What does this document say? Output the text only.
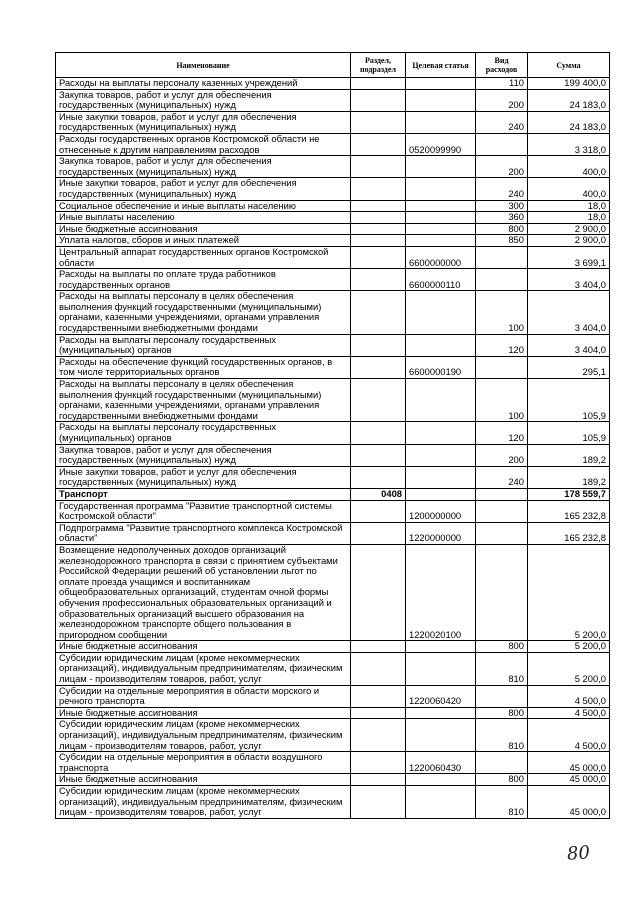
Наименование	Раздел, подраздел	Целевая статья	Вид расходов	Сумма
Расходы на выплаты персоналу казенных учреждений			110	199 400,0
Закупка товаров, работ и услуг для обеспечения государственных (муниципальных) нужд			200	24 183,0
Иные закупки товаров, работ и услуг для обеспечения государственных (муниципальных) нужд			240	24 183,0
Расходы государственных органов Костромской области не отнесенные к другим направлениям расходов		0520099990		3 318,0
Закупка товаров, работ и услуг для обеспечения государственных (муниципальных) нужд			200	400,0
Иные закупки товаров, работ и услуг для обеспечения государственных (муниципальных) нужд			240	400,0
Социальное обеспечение и иные выплаты населению			300	18,0
Иные выплаты населению			360	18,0
Иные бюджетные ассигнования			800	2 900,0
Уплата налогов, сборов и иных платежей			850	2 900,0
Центральный аппарат государственных органов Костромской области		6600000000		3 699,1
Расходы на выплаты по оплате труда работников государственных органов		6600000110		3 404,0
Расходы на выплаты персоналу в целях обеспечения выполнения функций государственными (муниципальными) органами, казенными учреждениями, органами управления государственными внебюджетными фондами			100	3 404,0
Расходы на выплаты персоналу государственных (муниципальных) органов			120	3 404,0
Расходы на обеспечение функций государственных органов, в том числе территориальных органов		6600000190		295,1
Расходы на выплаты персоналу в целях обеспечения выполнения функций государственными (муниципальными) органами, казенными учреждениями, органами управления государственными внебюджетными фондами			100	105,9
Расходы на выплаты персоналу государственных (муниципальных) органов			120	105,9
Закупка товаров, работ и услуг для обеспечения государственных (муниципальных) нужд			200	189,2
Иные закупки товаров, работ и услуг для обеспечения государственных (муниципальных) нужд			240	189,2
Транспорт	0408			178 559,7
Государственная программа "Развитие транспортной системы Костромской области"		1200000000		165 232,8
Подпрограмма "Развитие транспортного комплекса Костромской области"		1220000000		165 232,8
Возмещение недополученных доходов организаций железнодорожного транспорта в связи с принятием субъектами Российской Федерации решений об установлении льгот по оплате проезда учащимся и воспитанникам общеобразовательных организаций, студентам очной формы обучения профессиональных образовательных организаций и образовательных организаций высшего образования на железнодорожном транспорте общего пользования в пригородном сообщении		1220020100		5 200,0
Иные бюджетные ассигнования			800	5 200,0
Субсидии юридическим лицам (кроме некоммерческих организаций), индивидуальным предпринимателям, физическим лицам - производителям товаров, работ, услуг			810	5 200,0
Субсидии на отдельные мероприятия в области морского и речного транспорта		1220060420		4 500,0
Иные бюджетные ассигнования			800	4 500,0
Субсидии юридическим лицам (кроме некоммерческих организаций), индивидуальным предпринимателям, физическим лицам - производителям товаров, работ, услуг			810	4 500,0
Субсидии на отдельные мероприятия в области воздушного транспорта		1220060430		45 000,0
Иные бюджетные ассигнования			800	45 000,0
Субсидии юридическим лицам (кроме некоммерческих организаций), индивидуальным предпринимателям, физическим лицам - производителям товаров, работ, услуг			810	45 000,0
80
